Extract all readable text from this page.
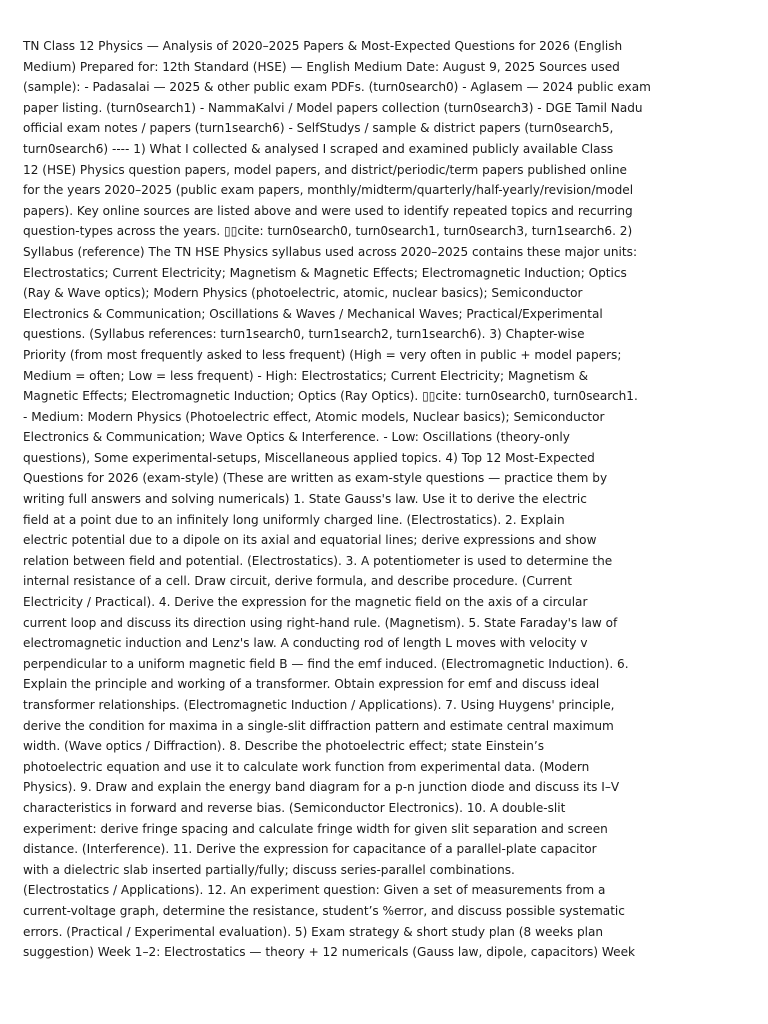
TN Class 12 Physics — Analysis of 2020–2025 Papers & Most-Expected Questions for 2026 (English
Medium) Prepared for: 12th Standard (HSE) — English Medium Date: August 9, 2025 Sources used
(sample): - Padasalai — 2025 & other public exam PDFs. (turn0search0) - Aglasem — 2024 public exam
paper listing. (turn0search1) - NammaKalvi / Model papers collection (turn0search3) - DGE Tamil Nadu
official exam notes / papers (turn1search6) - SelfStudys / sample & district papers (turn0search5,
turn0search6) ---- 1) What I collected & analysed I scraped and examined publicly available Class
12 (HSE) Physics question papers, model papers, and district/periodic/term papers published online
for the years 2020–2025 (public exam papers, monthly/midterm/quarterly/half-yearly/revision/model
papers). Key online sources are listed above and were used to identify repeated topics and recurring
question-types across the years. ▯▯cite: turn0search0, turn0search1, turn0search3, turn1search6. 2)
Syllabus (reference) The TN HSE Physics syllabus used across 2020–2025 contains these major units:
Electrostatics; Current Electricity; Magnetism & Magnetic Effects; Electromagnetic Induction; Optics
(Ray & Wave optics); Modern Physics (photoelectric, atomic, nuclear basics); Semiconductor
Electronics & Communication; Oscillations & Waves / Mechanical Waves; Practical/Experimental
questions. (Syllabus references: turn1search0, turn1search2, turn1search6). 3) Chapter-wise
Priority (from most frequently asked to less frequent) (High = very often in public + model papers;
Medium = often; Low = less frequent) - High: Electrostatics; Current Electricity; Magnetism &
Magnetic Effects; Electromagnetic Induction; Optics (Ray Optics). ▯▯cite: turn0search0, turn0search1.
- Medium: Modern Physics (Photoelectric effect, Atomic models, Nuclear basics); Semiconductor
Electronics & Communication; Wave Optics & Interference. - Low: Oscillations (theory-only
questions), Some experimental-setups, Miscellaneous applied topics. 4) Top 12 Most-Expected
Questions for 2026 (exam-style) (These are written as exam-style questions — practice them by
writing full answers and solving numericals) 1. State Gauss's law. Use it to derive the electric
field at a point due to an infinitely long uniformly charged line. (Electrostatics). 2. Explain
electric potential due to a dipole on its axial and equatorial lines; derive expressions and show
relation between field and potential. (Electrostatics). 3. A potentiometer is used to determine the
internal resistance of a cell. Draw circuit, derive formula, and describe procedure. (Current
Electricity / Practical). 4. Derive the expression for the magnetic field on the axis of a circular
current loop and discuss its direction using right-hand rule. (Magnetism). 5. State Faraday's law of
electromagnetic induction and Lenz's law. A conducting rod of length L moves with velocity v
perpendicular to a uniform magnetic field B — find the emf induced. (Electromagnetic Induction). 6.
Explain the principle and working of a transformer. Obtain expression for emf and discuss ideal
transformer relationships. (Electromagnetic Induction / Applications). 7. Using Huygens' principle,
derive the condition for maxima in a single-slit diffraction pattern and estimate central maximum
width. (Wave optics / Diffraction). 8. Describe the photoelectric effect; state Einstein’s
photoelectric equation and use it to calculate work function from experimental data. (Modern
Physics). 9. Draw and explain the energy band diagram for a p-n junction diode and discuss its I–V
characteristics in forward and reverse bias. (Semiconductor Electronics). 10. A double-slit
experiment: derive fringe spacing and calculate fringe width for given slit separation and screen
distance. (Interference). 11. Derive the expression for capacitance of a parallel-plate capacitor
with a dielectric slab inserted partially/fully; discuss series-parallel combinations.
(Electrostatics / Applications). 12. An experiment question: Given a set of measurements from a
current-voltage graph, determine the resistance, student’s %error, and discuss possible systematic
errors. (Practical / Experimental evaluation). 5) Exam strategy & short study plan (8 weeks plan
suggestion) Week 1–2: Electrostatics — theory + 12 numericals (Gauss law, dipole, capacitors) Week
